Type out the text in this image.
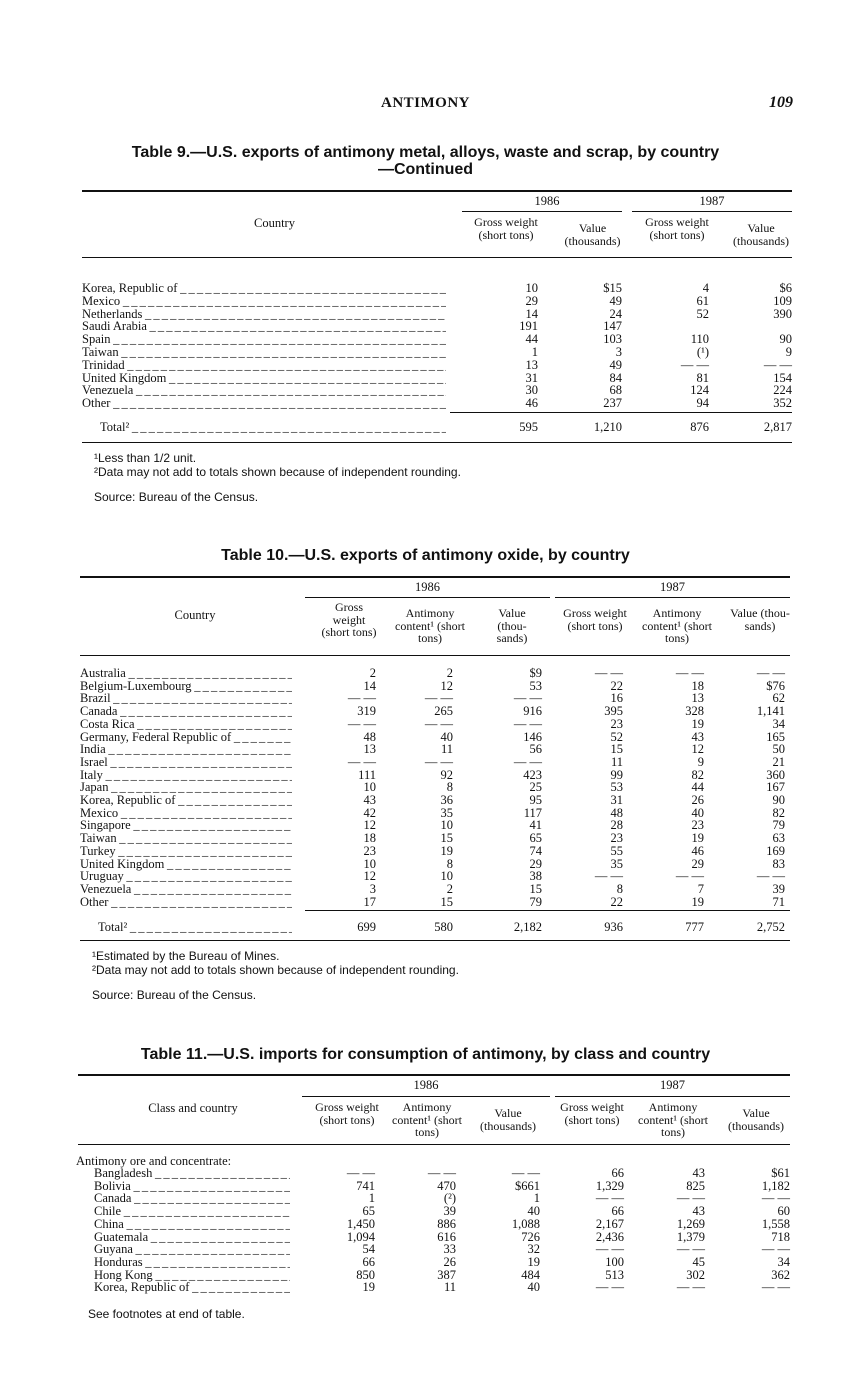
ANTIMONY	109
Table 9.—U.S. exports of antimony metal, alloys, waste and scrap, by country
—Continued
1986	1987
Country	Gross weight (short tons)	Value (thousands)
Gross weight (short tons)	Value (thousands)
Korea, Republic of _ _ _	10	$15	4	$6
Mexico _ _ _	29	49	61	109
Netherlands _ _ _	14	24	52	390
Saudi Arabia _ _ _	191	147
Spain _ _ _	44	103	110	90
Taiwan _ _ _	1	3	(¹)	9
Trinidad _ _ _	13	49	— —	— —
United Kingdom _ _ _	31	84	81	154
Venezuela _ _ _	30	68	124	224
Other _ _ _	46	237	94	352
Total² _ _ _	595	1,210	876	2,817
¹Less than 1/2 unit.
²Data may not add to totals shown because of independent rounding.
Source: Bureau of the Census.
Table 10.—U.S. exports of antimony oxide, by country
1986	1987
Country
Gross weight (short tons)
Antimony content¹ (short tons)
Value (thou- sands)
Gross weight (short tons)
Antimony content¹ (short tons)
Value (thou- sands)
Australia _ _ _	2	2	$9	— —	— —	— —
Belgium-Luxembourg _ _ _	14	12	53	22	18	$76
Brazil _ _ _	— —	— —	— —	16	13	62
Canada _ _ _	319	265	916	395	328	1,141
Costa Rica _ _ _	— —	— —	— —	23	19	34
Germany, Federal Republic of _ _ _	48	40	146	52	43	165
India _ _ _	13	11	56	15	12	50
Israel _ _ _	— —	— —	— —	11	9	21
Italy _ _ _	111	92	423	99	82	360
Japan _ _ _	10	8	25	53	44	167
Korea, Republic of _ _ _	43	36	95	31	26	90
Mexico _ _ _	42	35	117	48	40	82
Singapore _ _ _	12	10	41	28	23	79
Taiwan _ _ _	18	15	65	23	19	63
Turkey _ _ _	23	19	74	55	46	169
United Kingdom _ _ _	10	8	29	35	29	83
Uruguay _ _ _	12	10	38	— —	— —	— —
Venezuela _ _ _	3	2	15	8	7	39
Other _ _ _	17	15	79	22	19	71
Total² _ _ _	699	580	2,182	936	777	2,752
¹Estimated by the Bureau of Mines.
²Data may not add to totals shown because of independent rounding.
Source: Bureau of the Census.
Table 11.—U.S. imports for consumption of antimony, by class and country
1986	1987
Class and country	Gross weight (short tons)
Antimony content¹ (short tons)
Value (thousands)
Gross weight (short tons)
Antimony content¹ (short tons)
Value (thousands)
Antimony ore and concentrate:
Bangladesh _ _ _	— —	— —	— —	66	43	$61
Bolivia _ _ _	741	470	$661	1,329	825	1,182
Canada _ _ _	1	(²)	1	— —	— —	— —
Chile _ _ _	65	39	40	66	43	60
China _ _ _	1,450	886	1,088	2,167	1,269	1,558
Guatemala _ _ _	1,094	616	726	2,436	1,379	718
Guyana _ _ _	54	33	32	— —	— —	— —
Honduras _ _ _	66	26	19	100	45	34
Hong Kong _ _ _	850	387	484	513	302	362
Korea, Republic of _ _ _	19	11	40	— —	— —	— —
See footnotes at end of table.
